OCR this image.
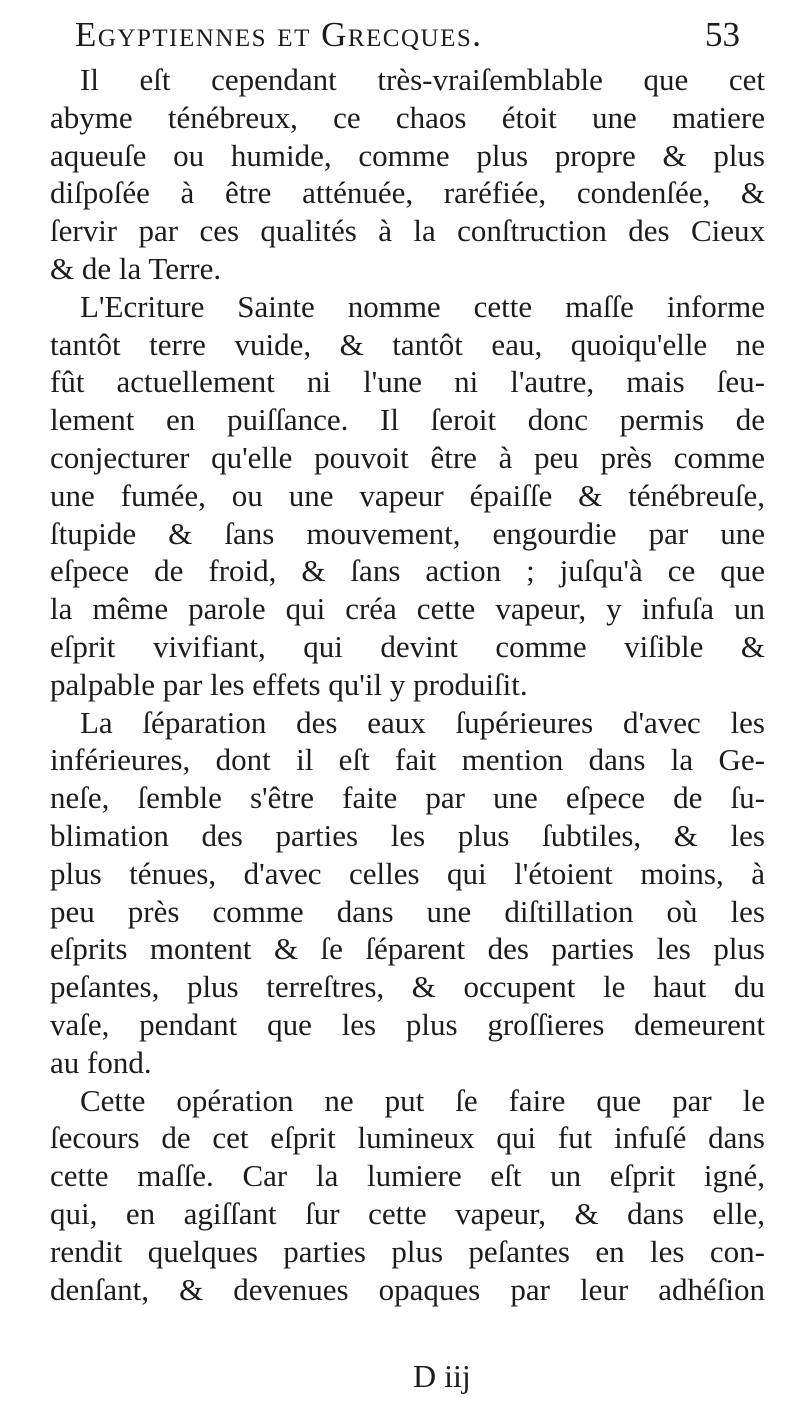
Egyptiennes et Grecques.	53
Il eſt cependant très-vraiſemblable que cet
abyme ténébreux, ce chaos étoit une matiere
aqueuſe ou humide, comme plus propre & plus
diſpoſée à être atténuée, raréfiée, condenſée, &
ſervir par ces qualités à la conſtruction des Cieux
& de la Terre.
L'Ecriture Sainte nomme cette maſſe informe
tantôt terre vuide, & tantôt eau, quoiqu'elle ne
fût actuellement ni l'une ni l'autre, mais ſeu-
lement en puiſſance. Il ſeroit donc permis de
conjecturer qu'elle pouvoit être à peu près comme
une fumée, ou une vapeur épaiſſe & ténébreuſe,
ſtupide & ſans mouvement, engourdie par une
eſpece de froid, & ſans action ; juſqu'à ce que
la même parole qui créa cette vapeur, y infuſa un
eſprit vivifiant, qui devint comme viſible &
palpable par les effets qu'il y produiſit.
La ſéparation des eaux ſupérieures d'avec les
inférieures, dont il eſt fait mention dans la Ge-
neſe, ſemble s'être faite par une eſpece de ſu-
blimation des parties les plus ſubtiles, & les
plus ténues, d'avec celles qui l'étoient moins, à
peu près comme dans une diſtillation où les
eſprits montent & ſe ſéparent des parties les plus
peſantes, plus terreſtres, & occupent le haut du
vaſe, pendant que les plus groſſieres demeurent
au fond.
Cette opération ne put ſe faire que par le
ſecours de cet eſprit lumineux qui fut infuſé dans
cette maſſe. Car la lumiere eſt un eſprit igné,
qui, en agiſſant ſur cette vapeur, & dans elle,
rendit quelques parties plus peſantes en les con-
denſant, & devenues opaques par leur adhéſion
D iij
